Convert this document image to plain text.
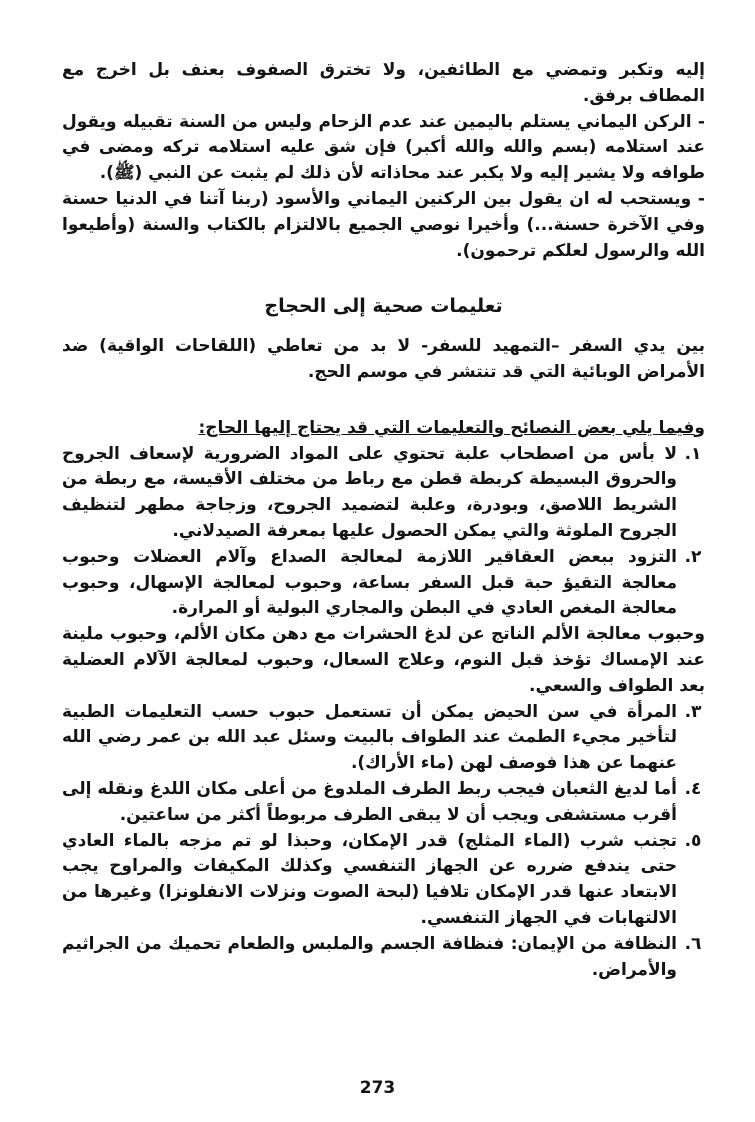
إليه وتكبر وتمضي مع الطائفين، ولا تخترق الصفوف بعنف بل اخرج مع المطاف برفق.

- الركن اليماني يستلم باليمين عند عدم الزحام وليس من السنة تقبيله ويقول عند استلامه (بسم والله والله أكبر) فإن شق عليه استلامه تركه ومضى في طوافه ولا يشير إليه ولا يكبر عند محاذاته لأن ذلك لم يثبت عن النبي (ﷺ).

- ويستحب له ان يقول بين الركنين اليماني والأسود (ربنا آتنا في الدنيا حسنة وفي الآخرة حسنة...) وأخيرا نوصي الجميع بالالتزام بالكتاب والسنة (وأطيعوا الله والرسول لعلكم ترحمون).

تعليمات صحية إلى الحجاج

بين يدي السفر –التمهيد للسفر- لا بد من تعاطي (اللقاحات الواقية) ضد الأمراض الوبائية التي قد تنتشر في موسم الحج.

وفيما يلي بعض النصائح والتعليمات التي قد يحتاج إليها الحاج:

١.
لا بأس من اصطحاب علبة تحتوي على المواد الضرورية لإسعاف الجروح والحروق البسيطة كربطة قطن مع رباط من مختلف الأقيسة، مع ربطة من الشريط اللاصق، وبودرة، وعلبة لتضميد الجروح، وزجاجة مطهر لتنظيف الجروح الملوثة والتي يمكن الحصول عليها بمعرفة الصيدلاني.
٢.
التزود ببعض العقاقير اللازمة لمعالجة الصداع وآلام العضلات وحبوب معالجة التقيؤ حبة قبل السفر بساعة، وحبوب لمعالجة الإسهال، وحبوب معالجة المغص العادي في البطن والمجاري البولية أو المرارة.

وحبوب معالجة الألم الناتج عن لدغ الحشرات مع دهن مكان الألم، وحبوب ملينة عند الإمساك تؤخذ قبل النوم، وعلاج السعال، وحبوب لمعالجة الآلام العضلية بعد الطواف والسعي.

٣.
المرأة في سن الحيض يمكن أن تستعمل حبوب حسب التعليمات الطبية لتأخير مجيء الطمث عند الطواف بالبيت وسئل عبد الله بن عمر رضي الله عنهما عن هذا فوصف لهن (ماء الأراك).
٤.
أما لديغ الثعبان فيجب ربط الطرف الملدوغ من أعلى مكان اللدغ ونقله إلى أقرب مستشفى ويجب أن لا يبقى الطرف مربوطاً أكثر من ساعتين.
٥.
تجنب شرب (الماء المثلج) قدر الإمكان، وحبذا لو تم مزجه بالماء العادي حتى يندفع ضرره عن الجهاز التنفسي وكذلك المكيفات والمراوح يجب الابتعاد عنها قدر الإمكان تلافيا (لبحة الصوت ونزلات الانفلونزا) وغيرها من الالتهابات في الجهاز التنفسي.
٦.
النظافة من الإيمان: فنظافة الجسم والملبس والطعام تحميك من الجراثيم والأمراض.
273
